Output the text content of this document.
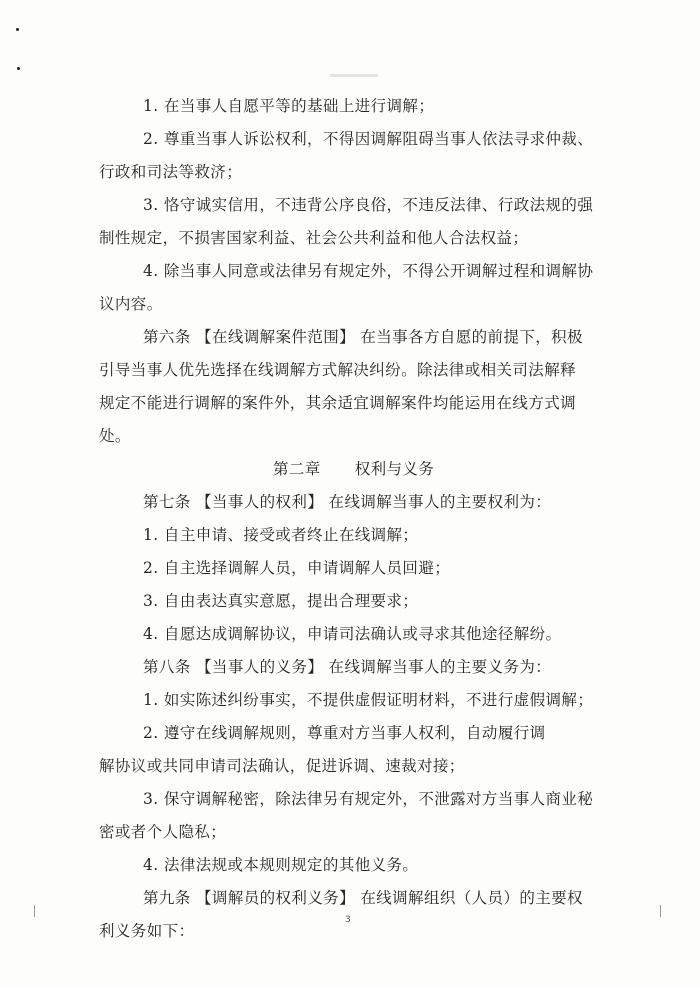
1. 在当事人自愿平等的基础上进行调解；
2. 尊重当事人诉讼权利，不得因调解阻碍当事人依法寻求仲裁、
行政和司法等救济；
3. 恪守诚实信用，不违背公序良俗，不违反法律、行政法规的强
制性规定，不损害国家利益、社会公共利益和他人合法权益；
4. 除当事人同意或法律另有规定外，不得公开调解过程和调解协
议内容。
第六条 【在线调解案件范围】 在当事各方自愿的前提下，积极
引导当事人优先选择在线调解方式解决纠纷。除法律或相关司法解释
规定不能进行调解的案件外，其余适宜调解案件均能运用在线方式调
处。
第二章 权利与义务
第七条 【当事人的权利】 在线调解当事人的主要权利为：
1. 自主申请、接受或者终止在线调解；
2. 自主选择调解人员，申请调解人员回避；
3. 自由表达真实意愿，提出合理要求；
4. 自愿达成调解协议，申请司法确认或寻求其他途径解纷。
第八条 【当事人的义务】 在线调解当事人的主要义务为：
1. 如实陈述纠纷事实，不提供虚假证明材料，不进行虚假调解；
2. 遵守在线调解规则，尊重对方当事人权利，自动履行调
解协议或共同申请司法确认，促进诉调、速裁对接；
3. 保守调解秘密，除法律另有规定外，不泄露对方当事人商业秘
密或者个人隐私；
4. 法律法规或本规则规定的其他义务。
第九条 【调解员的权利义务】 在线调解组织（人员）的主要权
利义务如下：
3
